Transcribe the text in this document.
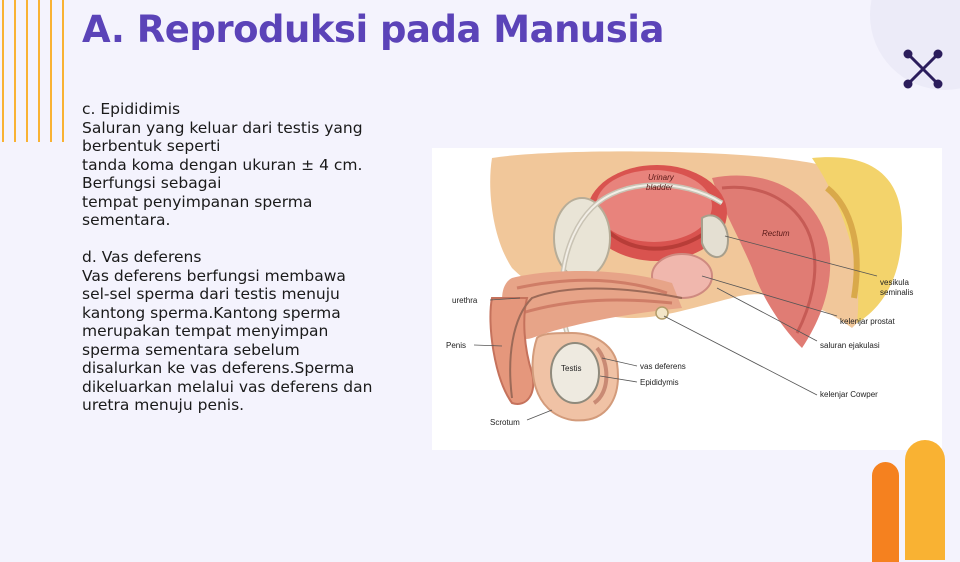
A. Reproduksi pada Manusia

c. Epididimis

Saluran yang keluar dari testis yang

berbentuk seperti

tanda koma dengan ukuran ± 4 cm.

Berfungsi sebagai

tempat penyimpanan sperma

sementara.

d. Vas deferens

Vas deferens berfungsi membawa

sel-sel sperma dari testis menuju

kantong sperma.Kantong sperma

merupakan tempat menyimpan

sperma sementara sebelum

disalurkan ke vas deferens.Sperma

dikeluarkan melalui vas deferens dan

uretra menuju penis.

Urinary
bladder
Rectum
vesikula
seminalis
urethra
kelenjar prostat
Penis	saluran ejakulasi
vas deferens
Testis
Epididymis
kelenjar Cowper
Scrotum
